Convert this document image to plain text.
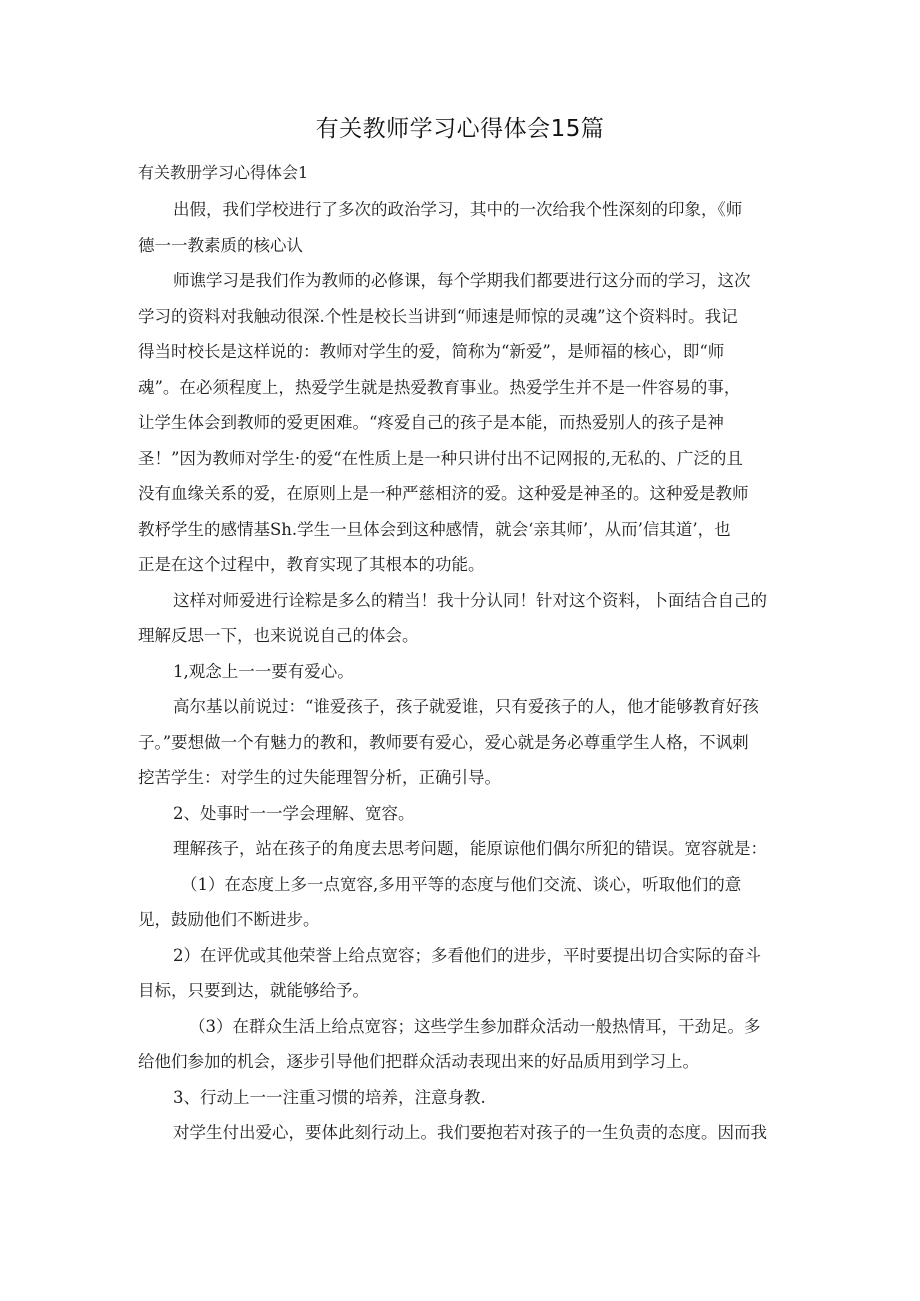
有关教师学习心得体会15篇
有关教册学习心得体会1
出假，我们学校进行了多次的政治学习，其中的一次给我个性深刻的印象，《师
德一一教素质的核心认
师谯学习是我们作为教师的必修课，每个学期我们都要进行这分而的学习，这次
学习的资料对我触动很深.个性是校长当讲到“师速是师惊的灵魂”这个资料时。我记
得当时校长是这样说的：教师对学生的爱，简称为“新爱”，是师福的核心，即“师
魂”。在必须程度上，热爱学生就是热爱教育事业。热爱学生并不是一件容易的事，
让学生体会到教师的爱更困难。“疼爱自己的孩子是本能，而热爱别人的孩子是神
圣！”因为教师对学生·的爱“在性质上是一种只讲付出不记网报的,无私的、广泛的且
没有血缘关系的爱，在原则上是一种严慈相济的爱。这种爱是神圣的。这种爱是教师
教杼学生的感情基Sh.学生一旦体会到这种感情，就会‘亲其师’，从而’信其道’，也
正是在这个过程中，教育实现了其根本的功能。
这样对师爱进行诠粽是多么的精当！我十分认同！针对这个资料，卜面结合自己的
理解反思一下，也来说说自己的体会。
1,观念上一一要有爱心。
高尔基以前说过：“谁爱孩子，孩子就爱谁，只有爱孩子的人，他才能够教育好孩
子。”要想做一个有魅力的教和，教师要有爱心，爱心就是务必尊重学生人格，不讽刺
挖苦学生：对学生的过失能理智分析，正确引导。
2、处事时一一学会理解、宽容。
理解孩子，站在孩子的角度去思考问题，能原谅他们偶尔所犯的错误。宽容就是：
（1）在态度上多一点宽容,多用平等的态度与他们交流、谈心，听取他们的意
见，鼓励他们不断进步。
2）在评优或其他荣誉上给点宽容；多看他们的进步，平时要提出切合实际的奋斗
目标，只要到达，就能够给予。
（3）在群众生活上给点宽容；这些学生参加群众活动一般热情耳，干劲足。多
给他们参加的机会，逐步引导他们把群众活动表现出来的好品质用到学习上。
3、行动上一一注重习惯的培养，注意身教.
对学生付出爱心，要体此刻行动上。我们要抱若对孩子的一生负责的态度。因而我
